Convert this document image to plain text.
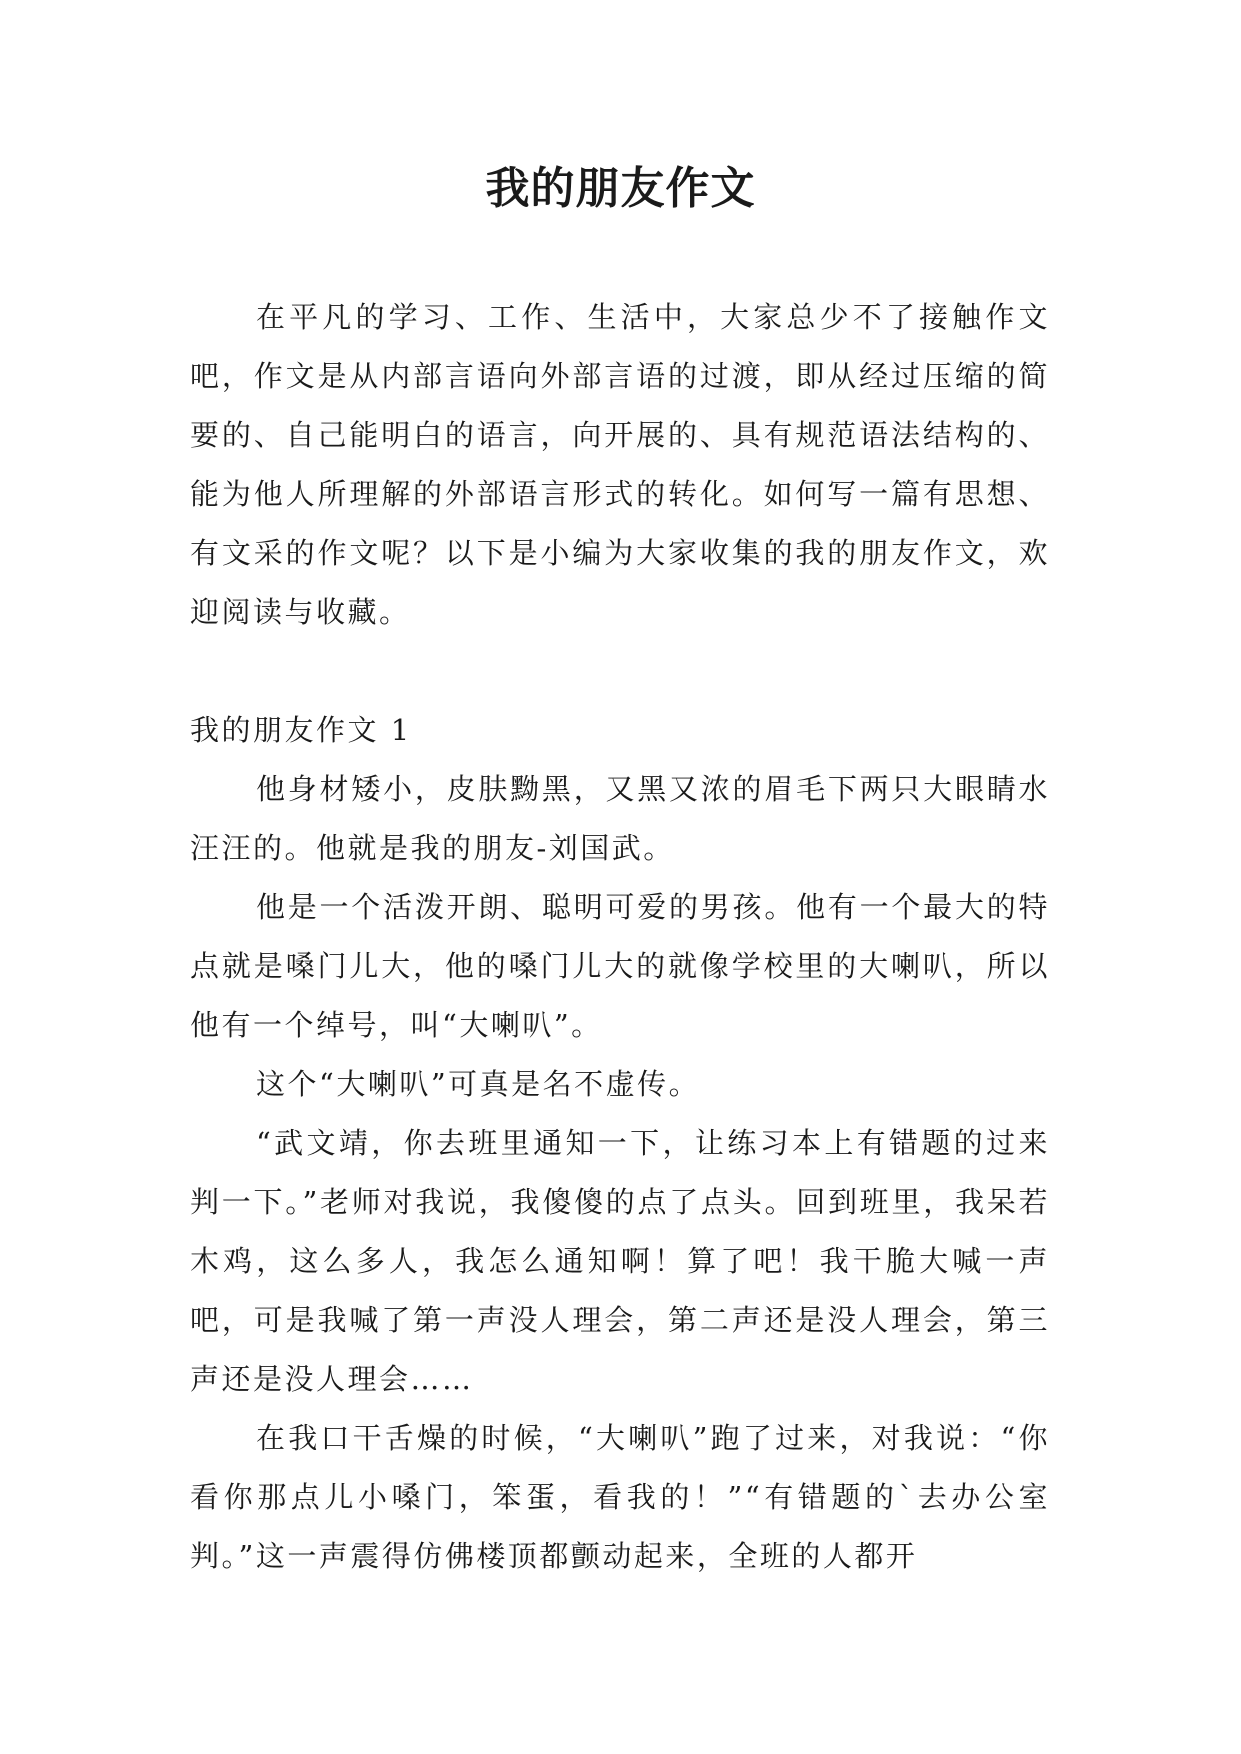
我的朋友作文

在平凡的学习、工作、生活中，大家总少不了接触作文吧，作文是从内部言语向外部言语的过渡，即从经过压缩的简要的、自己能明白的语言，向开展的、具有规范语法结构的、能为他人所理解的外部语言形式的转化。如何写一篇有思想、有文采的作文呢？以下是小编为大家收集的我的朋友作文，欢迎阅读与收藏。

我的朋友作文 1

他身材矮小，皮肤黝黑，又黑又浓的眉毛下两只大眼睛水汪汪的。他就是我的朋友-刘国武。

他是一个活泼开朗、聪明可爱的男孩。他有一个最大的特点就是嗓门儿大，他的嗓门儿大的就像学校里的大喇叭，所以他有一个绰号，叫“大喇叭”。

这个“大喇叭”可真是名不虚传。

“武文靖，你去班里通知一下，让练习本上有错题的过来判一下。”老师对我说，我傻傻的点了点头。回到班里，我呆若木鸡，这么多人，我怎么通知啊！算了吧！我干脆大喊一声吧，可是我喊了第一声没人理会，第二声还是没人理会，第三声还是没人理会……

在我口干舌燥的时候，“大喇叭”跑了过来，对我说：“你看你那点儿小嗓门，笨蛋，看我的！”“有错题的`去办公室判。”这一声震得仿佛楼顶都颤动起来，全班的人都开
